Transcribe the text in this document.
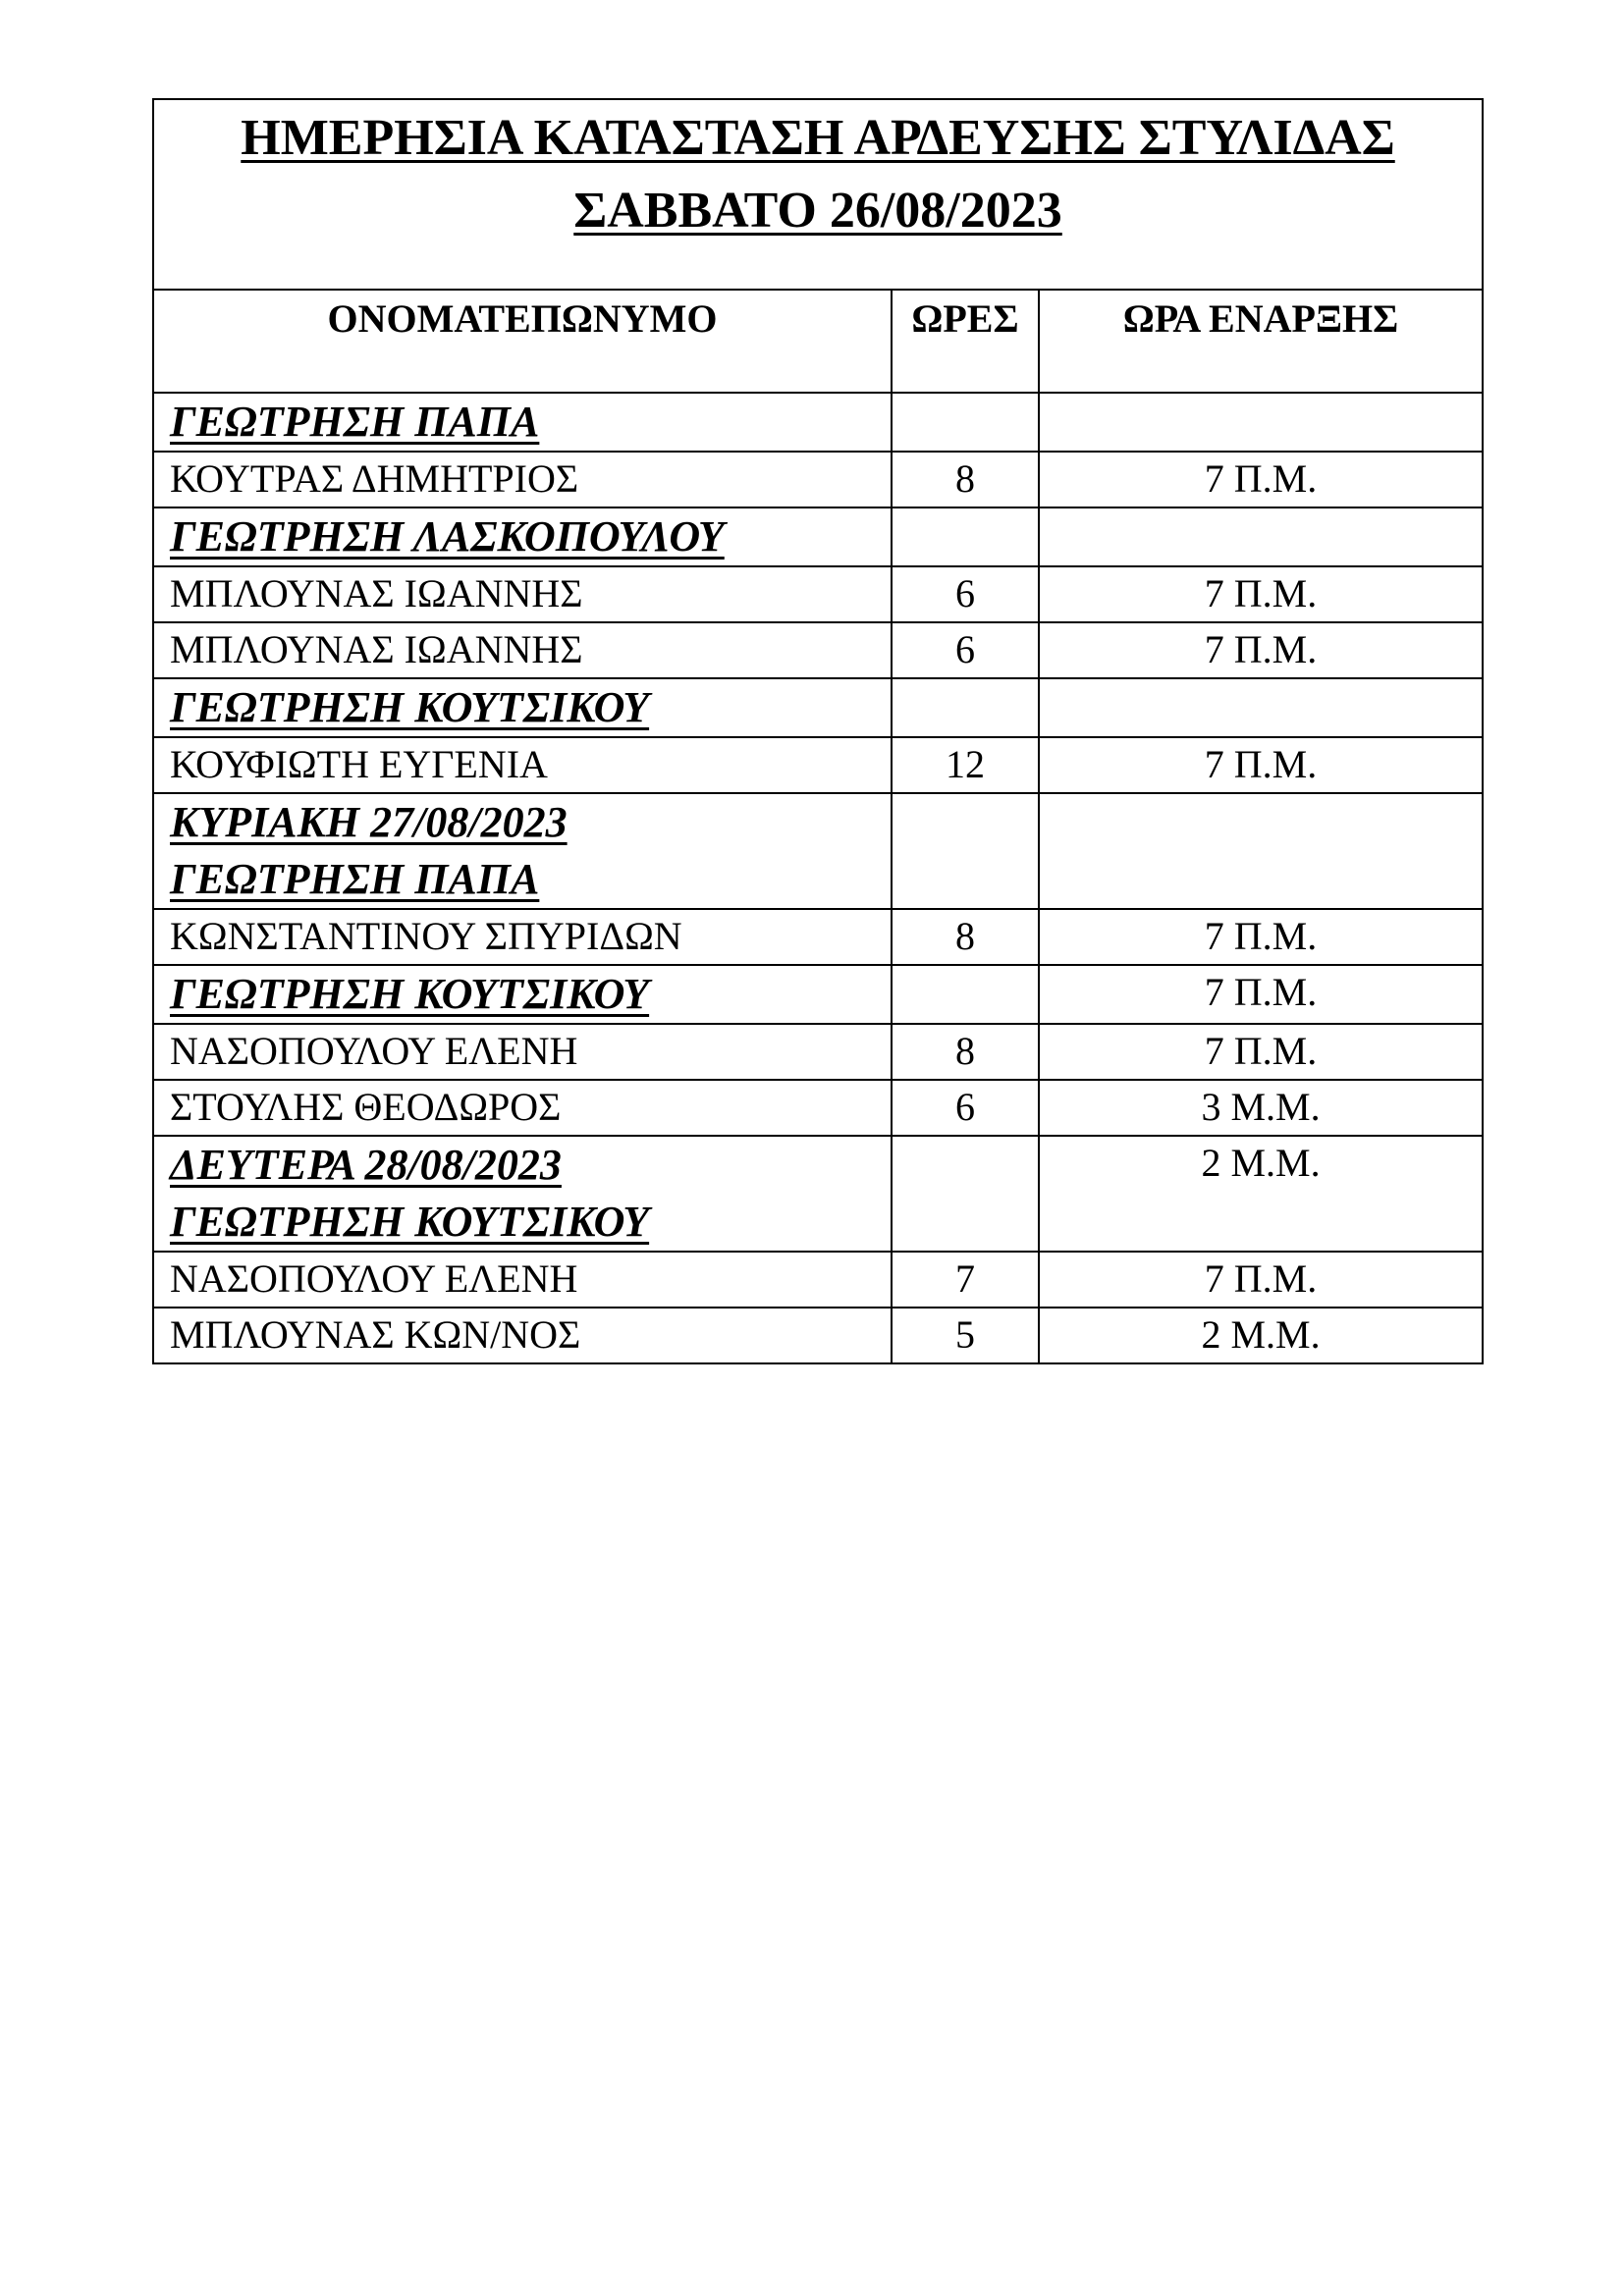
ΗΜΕΡΗΣΙΑ ΚΑΤΑΣΤΑΣΗ ΑΡΔΕΥΣΗΣ ΣΤΥΛΙΔΑΣ
ΣΑΒΒΑΤΟ 26/08/2023		

ΟΝΟΜΑΤΕΠΩΝΥΜΟ	ΩΡΕΣ	ΩΡΑ ΕΝΑΡΞΗΣ

ΓΕΩΤΡΗΣΗ ΠΑΠΑ		

ΚΟΥΤΡΑΣ ΔΗΜΗΤΡΙΟΣ	8	7 Π.Μ.

ΓΕΩΤΡΗΣΗ ΛΑΣΚΟΠΟΥΛΟΥ		

ΜΠΛΟΥΝΑΣ ΙΩΑΝΝΗΣ	6	7 Π.Μ.
ΜΠΛΟΥΝΑΣ ΙΩΑΝΝΗΣ	6	7 Π.Μ.

ΓΕΩΤΡΗΣΗ ΚΟΥΤΣΙΚΟΥ		

ΚΟΥΦΙΩΤΗ ΕΥΓΕΝΙΑ	12	7 Π.Μ.

ΚΥΡΙΑΚΗ 27/08/2023
ΓΕΩΤΡΗΣΗ ΠΑΠΑ		

ΚΩΝΣΤΑΝΤΙΝΟΥ ΣΠΥΡΙΔΩΝ	8	7 Π.Μ.

ΓΕΩΤΡΗΣΗ ΚΟΥΤΣΙΚΟΥ		7 Π.Μ.
ΝΑΣΟΠΟΥΛΟΥ ΕΛΕΝΗ	8	7 Π.Μ.
ΣΤΟΥΛΗΣ ΘΕΟΔΩΡΟΣ	6	3 Μ.Μ.

ΔΕΥΤΕΡΑ 28/08/2023
ΓΕΩΤΡΗΣΗ ΚΟΥΤΣΙΚΟΥ		2 Μ.Μ.
ΝΑΣΟΠΟΥΛΟΥ ΕΛΕΝΗ	7	7 Π.Μ.
ΜΠΛΟΥΝΑΣ ΚΩΝ/ΝΟΣ	5	2 Μ.Μ.
